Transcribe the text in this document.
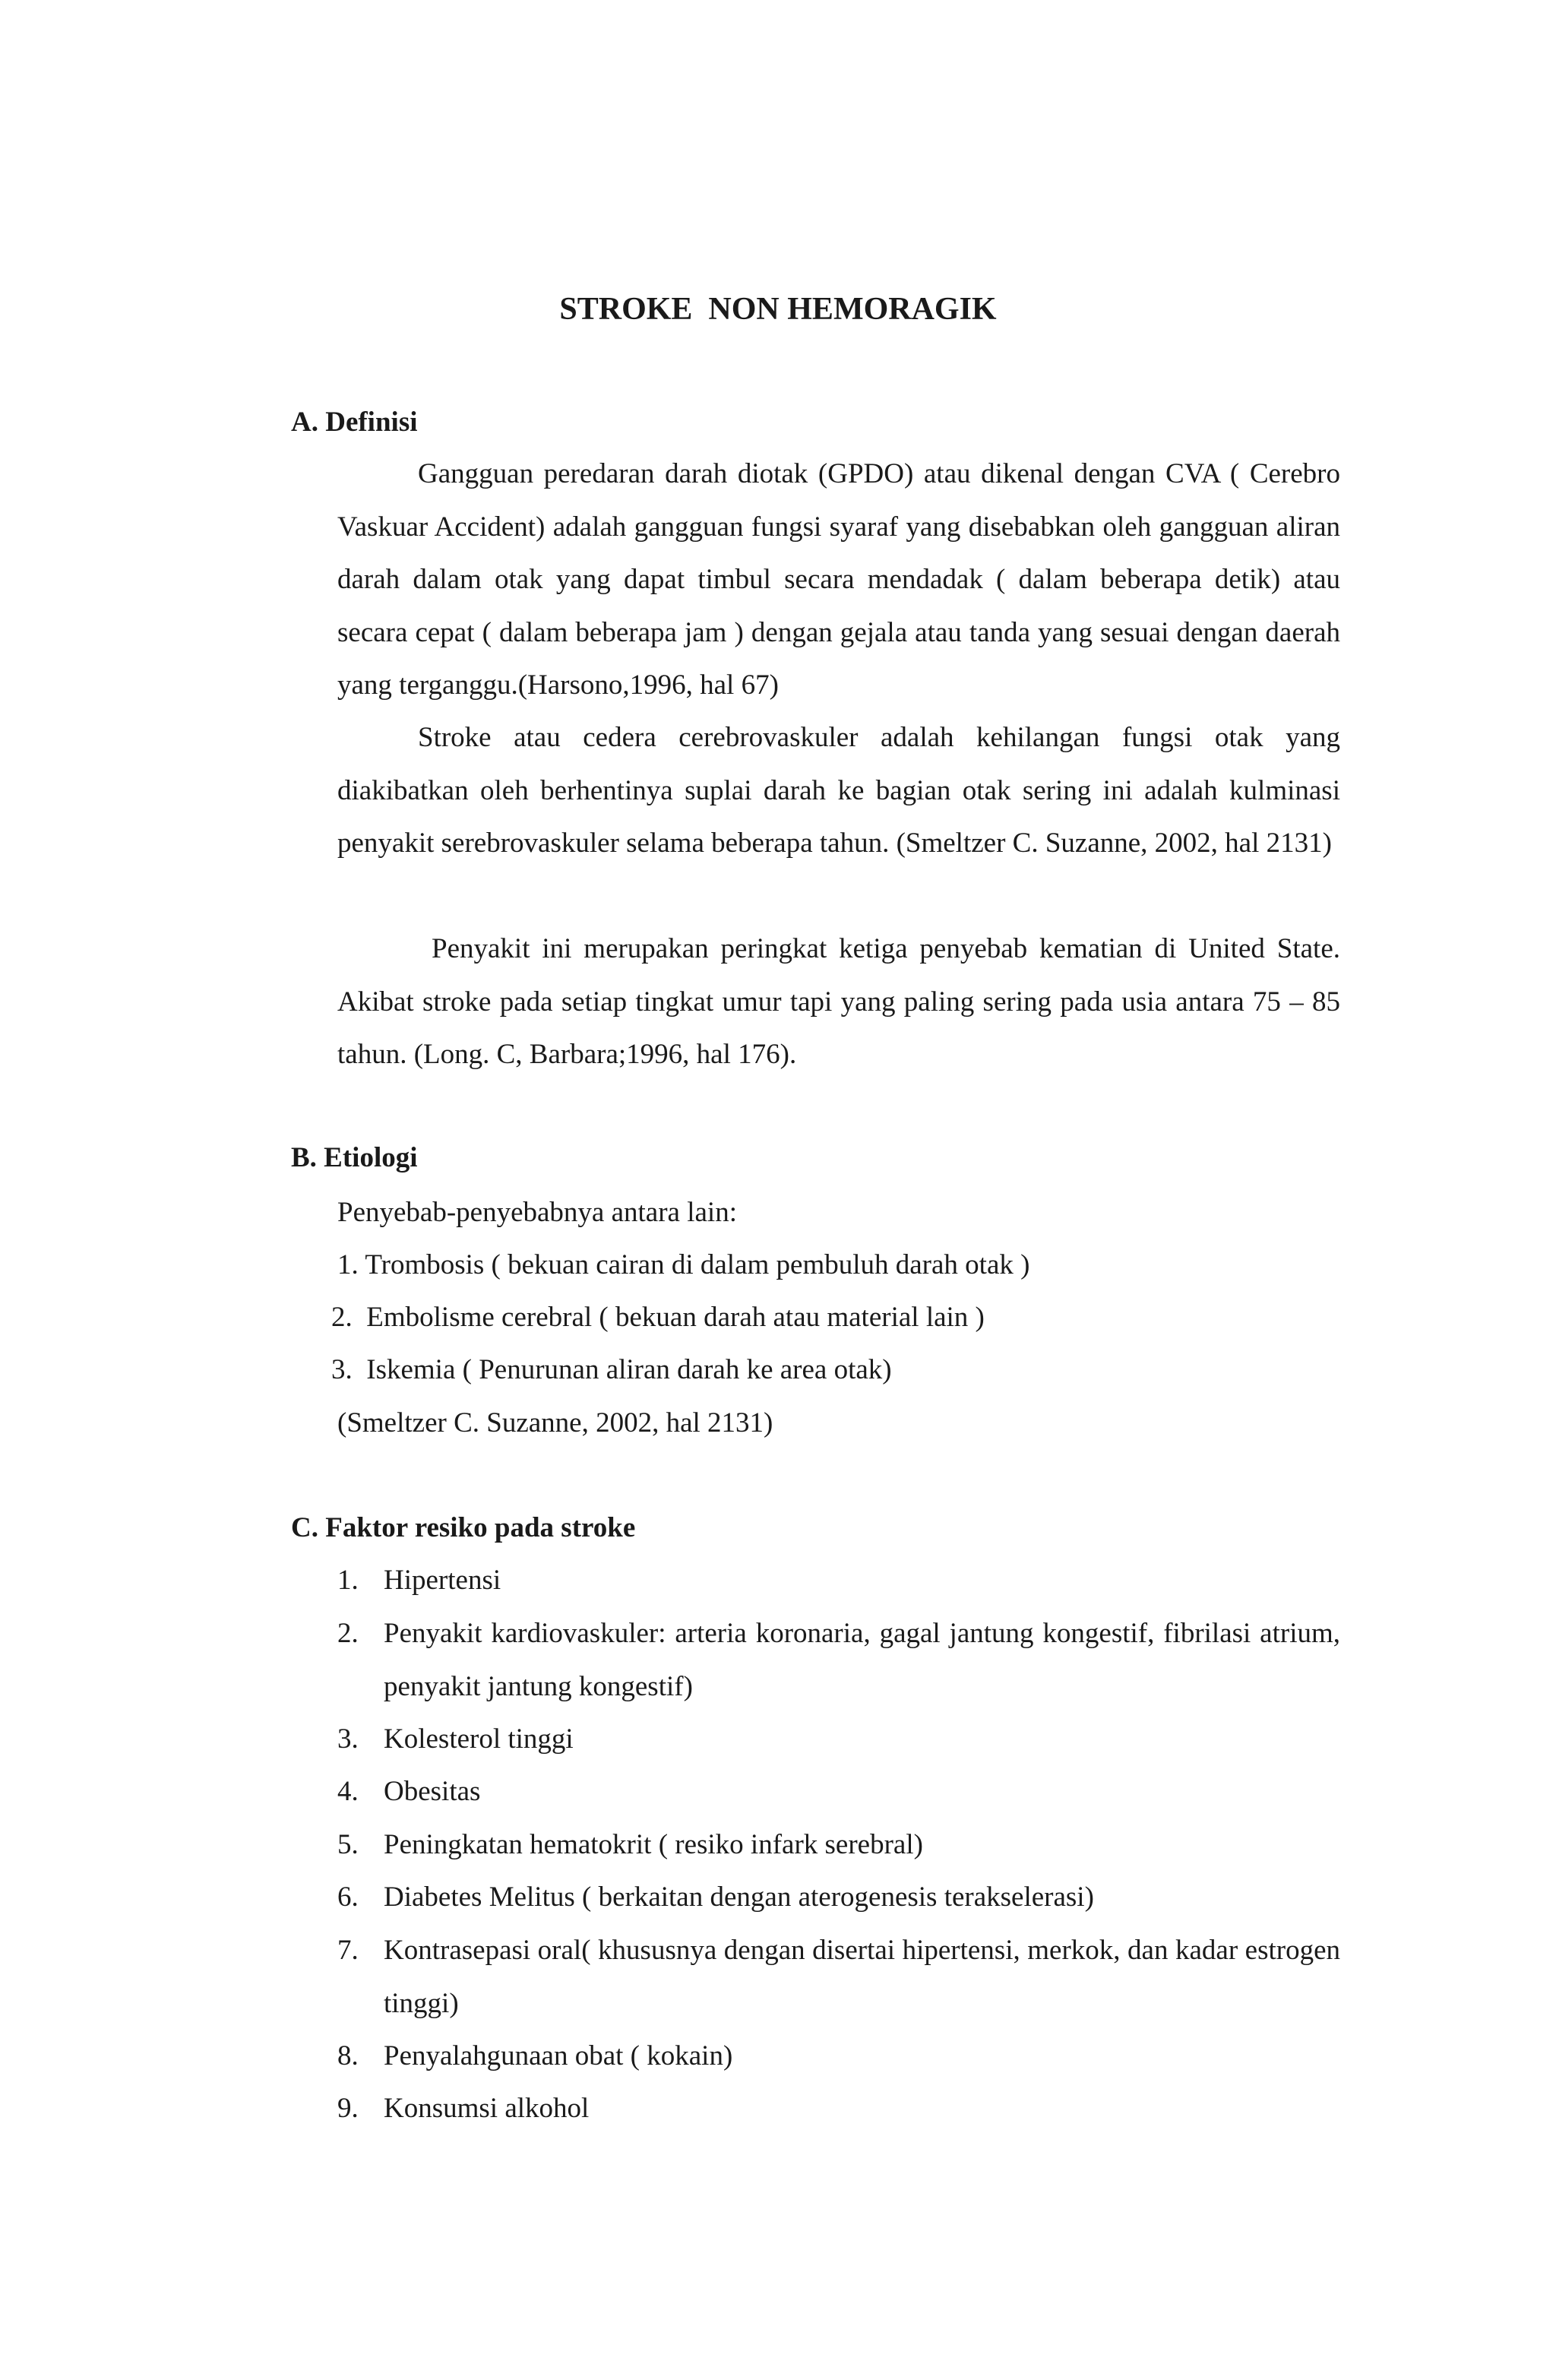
STROKE  NON HEMORAGIK
A. Definisi

Gangguan peredaran darah diotak (GPDO) atau dikenal dengan CVA ( Cerebro Vaskuar Accident) adalah gangguan fungsi syaraf yang disebabkan oleh gangguan aliran darah dalam otak yang dapat timbul secara mendadak ( dalam beberapa detik) atau secara cepat ( dalam beberapa jam ) dengan gejala atau tanda yang sesuai dengan daerah yang terganggu.(Harsono,1996, hal 67)

Stroke atau cedera cerebrovaskuler adalah kehilangan fungsi otak yang diakibatkan oleh berhentinya suplai darah ke bagian otak sering ini adalah kulminasi penyakit serebrovaskuler selama beberapa tahun. (Smeltzer C. Suzanne, 2002, hal 2131)

Penyakit ini merupakan peringkat ketiga penyebab kematian di United State. Akibat stroke pada setiap tingkat umur tapi yang paling sering pada usia antara 75 – 85 tahun. (Long. C, Barbara;1996, hal 176).

B. Etiologi
Penyebab-penyebabnya antara lain:
1. Trombosis ( bekuan cairan di dalam pembuluh darah otak )
2.  Embolisme cerebral ( bekuan darah atau material lain )
3.  Iskemia ( Penurunan aliran darah ke area otak)
(Smeltzer C. Suzanne, 2002, hal 2131)
C. Faktor resiko pada stroke
1. Hipertensi
2. Penyakit kardiovaskuler: arteria koronaria, gagal jantung kongestif, fibrilasi atrium, penyakit jantung kongestif)

3. Kolesterol tinggi
4. Obesitas
5. Peningkatan hematokrit ( resiko infark serebral)
6. Diabetes Melitus ( berkaitan dengan aterogenesis terakselerasi)
7. Kontrasepasi oral( khususnya dengan disertai hipertensi, merkok, dan kadar estrogen tinggi)

8. Penyalahgunaan obat ( kokain)
9. Konsumsi alkohol
